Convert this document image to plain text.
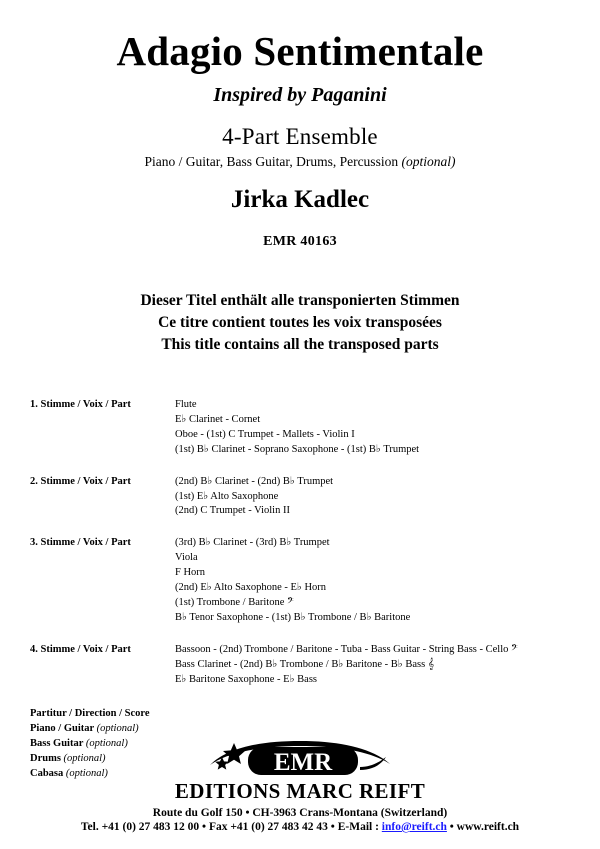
Adagio Sentimentale
Inspired by Paganini
4-Part Ensemble
Piano / Guitar, Bass Guitar, Drums, Percussion (optional)
Jirka Kadlec
EMR 40163
Dieser Titel enthält alle transponierten Stimmen
Ce titre contient toutes les voix transposées
This title contains all the transposed parts
1. Stimme / Voix / Part	Flute
E♭ Clarinet - Cornet
Oboe - (1st) C Trumpet - Mallets - Violin I
(1st) B♭ Clarinet - Soprano Saxophone - (1st) B♭ Trumpet
2. Stimme / Voix / Part	(2nd) B♭ Clarinet - (2nd) B♭ Trumpet
(1st) E♭ Alto Saxophone
(2nd) C Trumpet - Violin II
3. Stimme / Voix / Part	(3rd) B♭ Clarinet - (3rd) B♭ Trumpet
Viola
F Horn
(2nd) E♭ Alto Saxophone - E♭ Horn
(1st) Trombone / Baritone 𝄢
B♭ Tenor Saxophone - (1st) B♭ Trombone / B♭ Baritone
4. Stimme / Voix / Part	Bassoon - (2nd) Trombone / Baritone - Tuba - Bass Guitar - String Bass - Cello 𝄢
Bass Clarinet - (2nd) B♭ Trombone / B♭ Baritone - B♭ Bass 𝄞
E♭ Baritone Saxophone - E♭ Bass
Partitur / Direction / Score
Piano / Guitar (optional)
Bass Guitar (optional)
Drums (optional)
Cabasa (optional)	EMR
EDITIONS MARC REIFT
Route du Golf 150 • CH-3963 Crans-Montana (Switzerland)
Tel. +41 (0) 27 483 12 00 • Fax +41 (0) 27 483 42 43 • E-Mail : info@reift.ch • www.reift.ch
